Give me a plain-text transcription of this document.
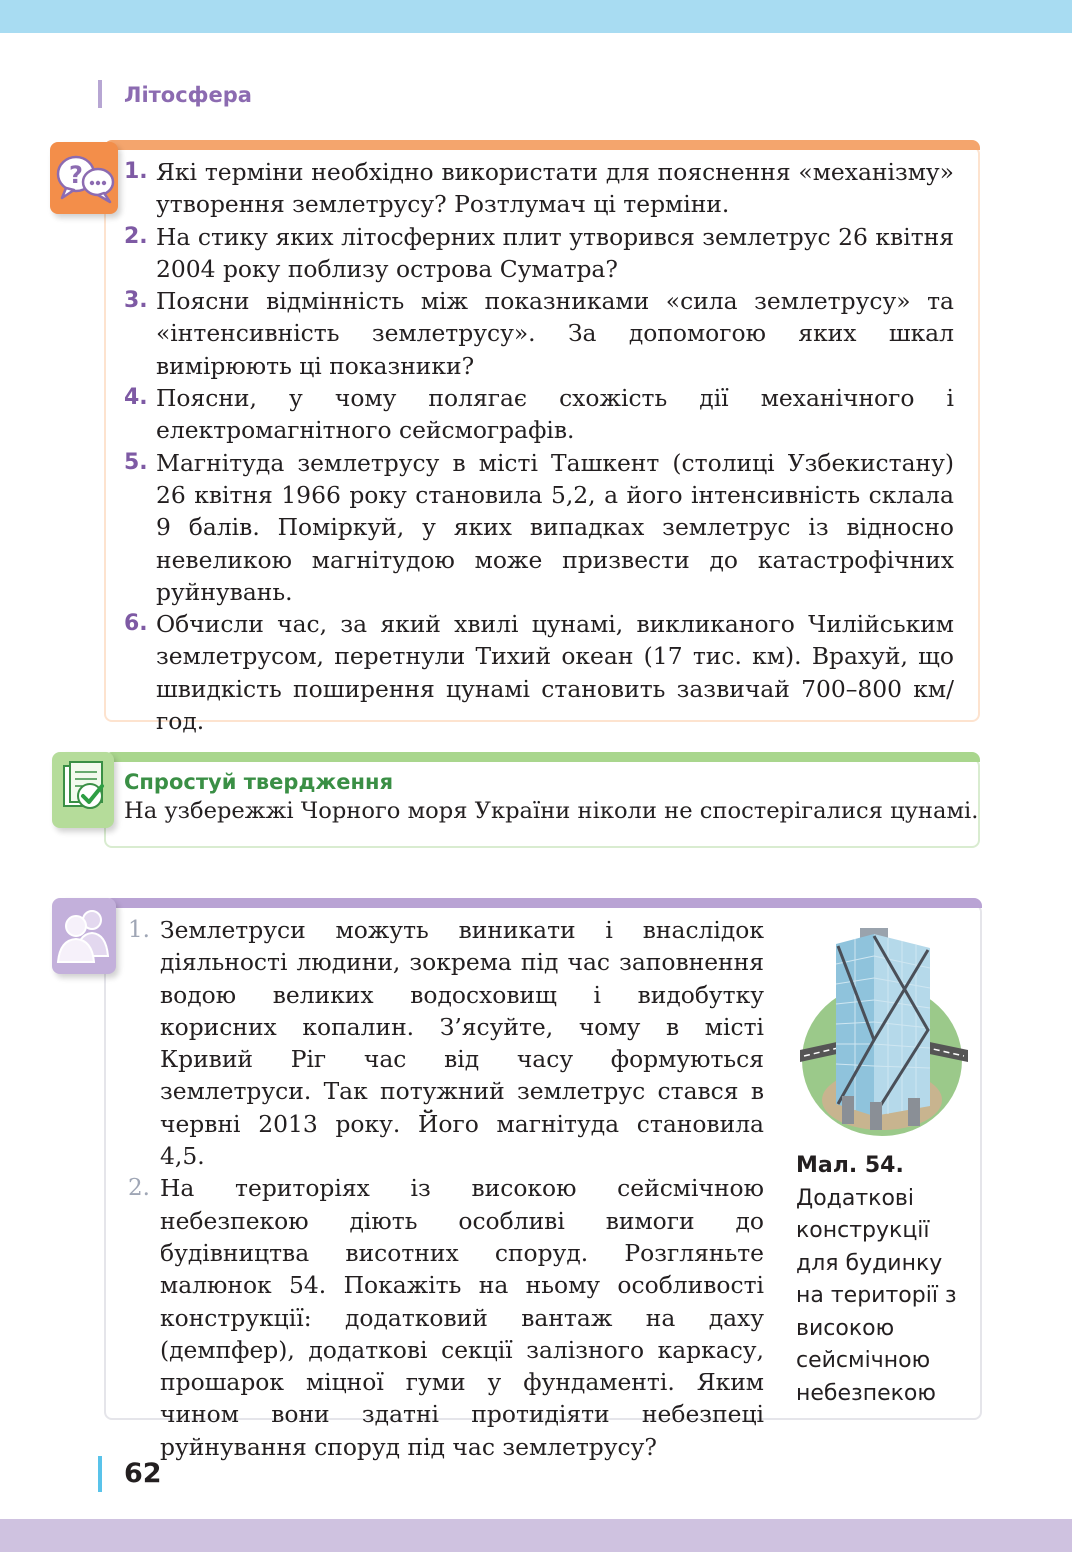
Літосфера
1. Які терміни необхідно використати для пояснення «механізму» утворення землетрусу? Розтлумач ці терміни.
2. На стику яких літосферних плит утворився землетрус 26 квітня 2004 року поблизу острова Суматра?
3. Поясни відмінність між показниками «сила землетрусу» та «інтенсивність землетрусу». За допомогою яких шкал вимірюють ці показники?
4. Поясни, у чому полягає схожість дії механічного і електромагнітного сейсмографів.
5. Магнітуда землетрусу в місті Ташкент (столиці Узбекистану) 26 квітня 1966 року становила 5,2, а його інтенсивність склала 9 балів. Поміркуй, у яких випадках землетрус із відносно невеликою магнітудою може призвести до катастрофічних руйнувань.
6. Обчисли час, за який хвилі цунамі, викликаного Чилійським землетрусом, перетнули Тихий океан (17 тис. км). Врахуй, що швидкість поширення цунамі становить зазвичай 700–800 км/год.
?
Спростуй твердження
На узбережжі Чорного моря України ніколи не спостерігалися цунамі.
1. Землетруси можуть виникати і внаслідок діяльності людини, зокрема під час заповнення водою великих водосховищ і видобутку корисних копалин. З’ясуйте, чому в місті Кривий Ріг час від часу формуються землетруси. Так потужний землетрус стався в червні 2013 року. Його магнітуда становила 4,5.
2. На територіях із високою сейсмічною небезпекою діють особливі вимоги до будівництва висотних споруд. Розгляньте малюнок 54. Покажіть на ньому особливості конструкції: додатковий вантаж на даху (демпфер), додаткові секції залізного каркасу, прошарок міцної гуми у фундаменті. Яким чином вони здатні протидіяти небезпеці руйнування споруд під час землетрусу?
Мал. 54.
Додаткові конструкції для будинку на території з високою сейсмічною небезпекою
62
